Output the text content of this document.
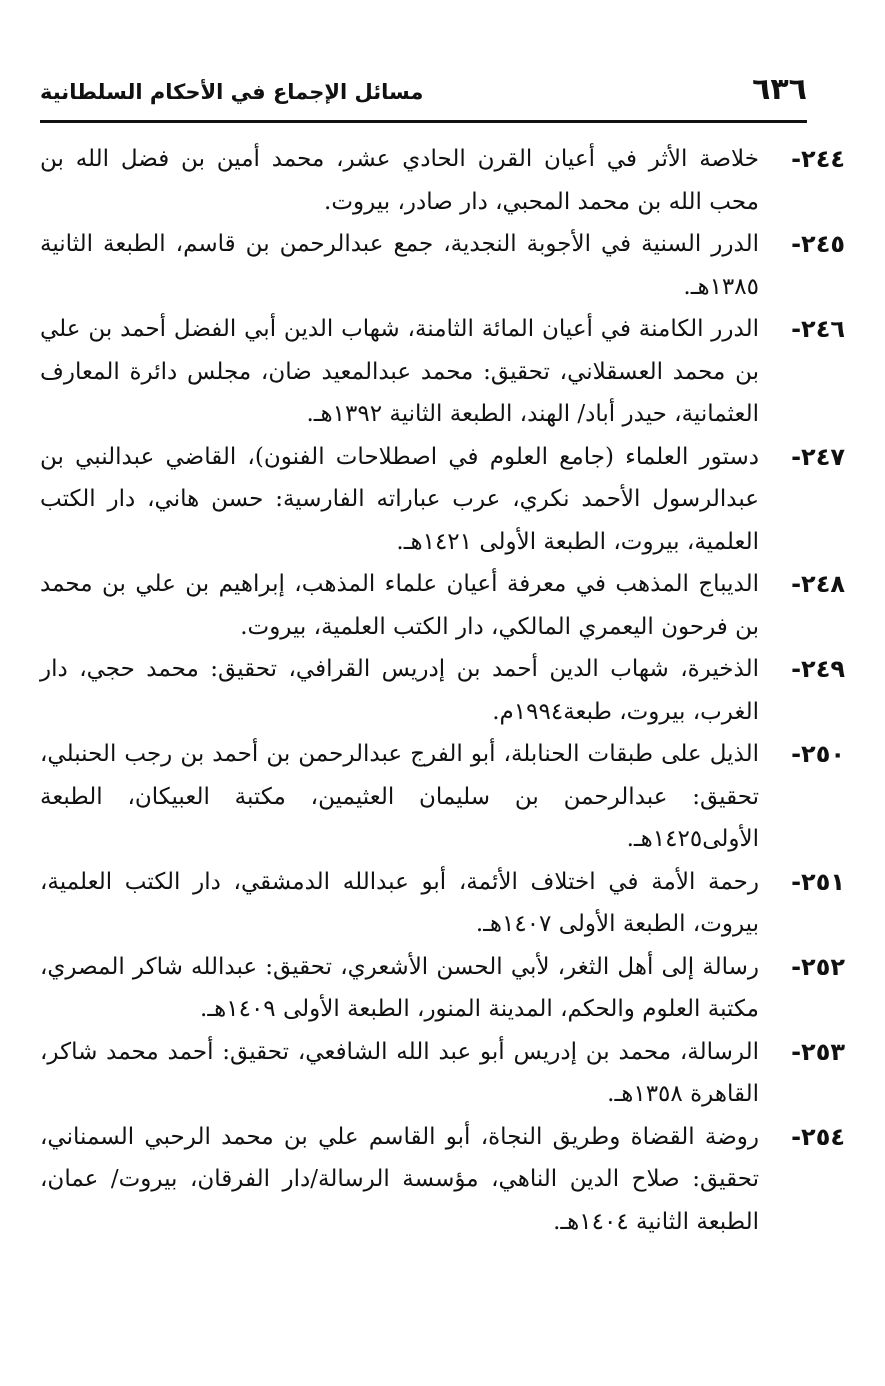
٦٣٦
مسائل الإجماع في الأحكام السلطانية
٢٤٤-
خلاصة الأثر في أعيان القرن الحادي عشر، محمد أمين بن فضل الله بن محب الله بن محمد المحبي، دار صادر، بيروت.
٢٤٥-
الدرر السنية في الأجوبة النجدية، جمع عبدالرحمن بن قاسم، الطبعة الثانية ١٣٨٥هـ.
٢٤٦-
الدرر الكامنة في أعيان المائة الثامنة، شهاب الدين أبي الفضل أحمد بن علي بن محمد العسقلاني، تحقيق: محمد عبدالمعيد ضان، مجلس دائرة المعارف العثمانية، حيدر أباد/ الهند، الطبعة الثانية ١٣٩٢هـ.
٢٤٧-
دستور العلماء (جامع العلوم في اصطلاحات الفنون)، القاضي عبدالنبي بن عبدالرسول الأحمد نكري، عرب عباراته الفارسية: حسن هاني، دار الكتب العلمية، بيروت، الطبعة الأولى ١٤٢١هـ.
٢٤٨-
الديباج المذهب في معرفة أعيان علماء المذهب، إبراهيم بن علي بن محمد بن فرحون اليعمري المالكي، دار الكتب العلمية، بيروت.
٢٤٩-
الذخيرة، شهاب الدين أحمد بن إدريس القرافي، تحقيق: محمد حجي، دار الغرب، بيروت، طبعة١٩٩٤م.
٢٥٠-
الذيل على طبقات الحنابلة، أبو الفرج عبدالرحمن بن أحمد بن رجب الحنبلي، تحقيق: عبدالرحمن بن سليمان العثيمين، مكتبة العبيكان، الطبعة الأولى١٤٢٥هـ.
٢٥١-
رحمة الأمة في اختلاف الأئمة، أبو عبدالله الدمشقي، دار الكتب العلمية، بيروت، الطبعة الأولى ١٤٠٧هـ.
٢٥٢-
رسالة إلى أهل الثغر، لأبي الحسن الأشعري، تحقيق: عبدالله شاكر المصري، مكتبة العلوم والحكم، المدينة المنور، الطبعة الأولى ١٤٠٩هـ.
٢٥٣-
الرسالة، محمد بن إدريس أبو عبد الله الشافعي، تحقيق: أحمد محمد شاكر، القاهرة ١٣٥٨هـ.
٢٥٤-
روضة القضاة وطريق النجاة، أبو القاسم علي بن محمد الرحبي السمناني، تحقيق: صلاح الدين الناهي، مؤسسة الرسالة/دار الفرقان، بيروت/ عمان، الطبعة الثانية ١٤٠٤هـ.
